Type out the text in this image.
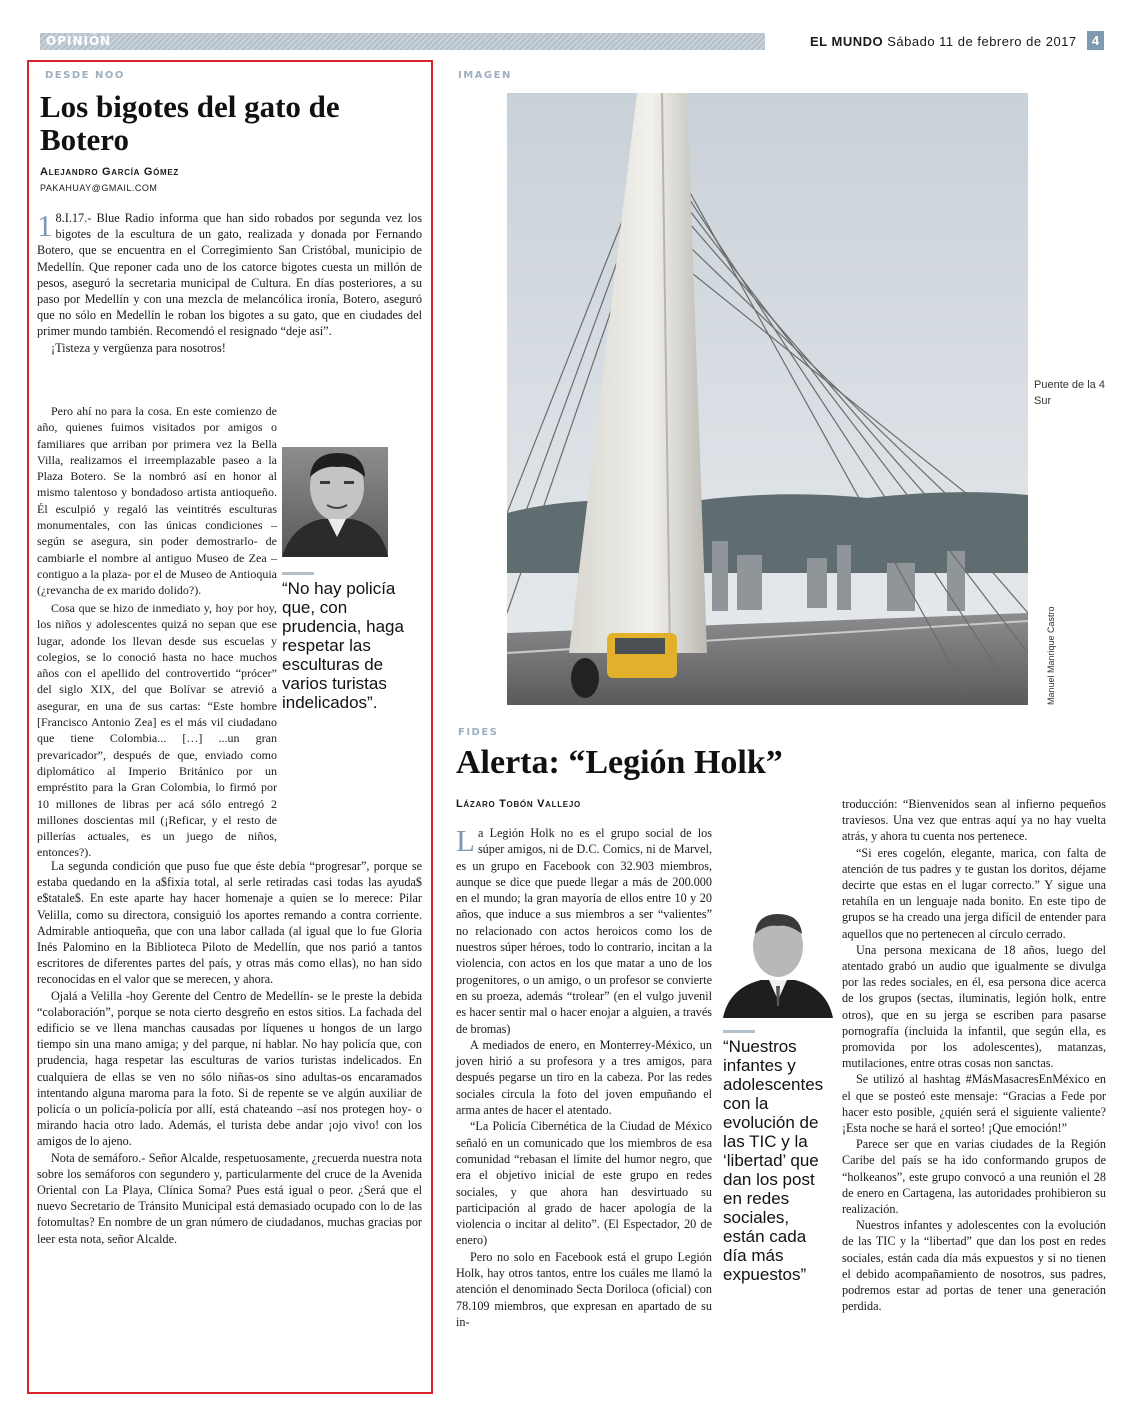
OPINIÓN	EL MUNDO Sábado 11 de febrero de 2017	4
DESDE NOO
Los bigotes del gato de Botero
Alejandro García Gómez
PAKAHUAY@GMAIL.COM

1 8.I.17.- Blue Radio informa que han sido robados por segunda vez los bigotes de la escultura de un gato, realizada y donada por Fernando Botero, que se encuentra en el Corregimiento San Cristóbal, municipio de Medellín. Que reponer cada uno de los catorce bigotes cuesta un millón de pesos, aseguró la secretaria municipal de Cultura. En días posteriores, a su paso por Medellín y con una mezcla de melancólica ironía, Botero, aseguró que no sólo en Medellín le roban los bigotes a su gato, que en ciudades del primer mundo también. Recomendó el resignado “deje así”.

¡Tisteza y vergüenza para nosotros!

Pero ahí no para la cosa. En este comienzo de año, quienes fuimos visitados por amigos o familiares que arriban por primera vez la Bella Villa, realizamos el irreemplazable paseo a la Plaza Botero. Se la nombró así en honor al mismo talentoso y bondadoso artista antioqueño. Él esculpió y regaló las veintitrés esculturas monumentales, con las únicas condiciones –según se asegura, sin poder demostrarlo- de cambiarle el nombre al antiguo Museo de Zea –contiguo a la plaza- por el de Museo de Antioquia (¿revancha de ex marido dolido?).	“No hay policía que, con prudencia, haga respetar las esculturas de varios turistas indelicados”.

Cosa que se hizo de inmediato y, hoy por hoy, los niños y adolescentes quizá no sepan que ese lugar, adonde los llevan desde sus escuelas y colegios, se lo conoció hasta no hace muchos años con el apellido del controvertido “prócer” del siglo XIX, del que Bolívar se atrevió a asegurar, en una de sus cartas: “Este hombre [Francisco Antonio Zea] es el más vil ciudadano que tiene Colombia... […] ...un gran prevaricador”, después de que, enviado como diplomático al Imperio Británico por un empréstito para la Gran Colombia, lo firmó por 10 millones de libras per acá sólo entregó 2 millones doscientas mil (¡Reficar, y el resto de pillerías actuales, es un juego de niños, entonces?).

La segunda condición que puso fue que éste debía “progresar”, porque se estaba quedando en la a$fixia total, al serle retiradas casi todas las ayuda$ e$tatale$. En este aparte hay hacer homenaje a quien se lo merece: Pilar Velilla, como su directora, consiguió los aportes remando a contra corriente. Admirable antioqueña, que con una labor callada (al igual que lo fue Gloria Inés Palomino en la Biblioteca Piloto de Medellín, que nos parió a tantos escritores de diferentes partes del país, y otras más como ellas), no han sido reconocidas en el valor que se merecen, y ahora.

Ojalá a Velilla -hoy Gerente del Centro de Medellín- se le preste la debida “colaboración”, porque se nota cierto desgreño en estos sitios. La fachada del edificio se ve llena manchas causadas por líquenes u hongos de un largo tiempo sin una mano amiga; y del parque, ni hablar. No hay policía que, con prudencia, haga respetar las esculturas de varios turistas indelicados. En cualquiera de ellas se ven no sólo niñas-os sino adultas-os encaramados intentando alguna maroma para la foto. Si de repente se ve algún auxiliar de policía o un policía-policía por allí, está chateando –así nos protegen hoy- o mirando hacia otro lado. Además, el turista debe andar ¡ojo vivo! con los amigos de lo ajeno.

Nota de semáforo.- Señor Alcalde, respetuosamente, ¿recuerda nuestra nota sobre los semáforos con segundero y, particularmente del cruce de la Avenida Oriental con La Playa, Clínica Soma? Pues está igual o peor. ¿Será que el nuevo Secretario de Tránsito Municipal está demasiado ocupado con lo de las fotomultas? En nombre de un gran número de ciudadanos, muchas gracias por leer esta nota, señor Alcalde.

IMAGEN
Puente de la 4 Sur
Manuel Manrique Castro
FIDES
Alerta: “Legión Holk”
Lázaro Tobón Vallejo

La Legión Holk no es el grupo social de los súper amigos, ni de D.C. Comics, ni de Marvel, es un grupo en Facebook con 32.903 miembros, aunque se dice que puede llegar a más de 200.000 en el mundo; la gran mayoría de ellos entre 10 y 20 años, que induce a sus miembros a ser “valientes” no relacionado con actos heroicos como los de nuestros súper héroes, todo lo contrario, incitan a la violencia, con actos en los que matar a uno de los progenitores, o un amigo, o un profesor se convierte en su proeza, además “trolear” (en el vulgo juvenil es hacer sentir mal o hacer enojar a alguien, a través de bromas)

A mediados de enero, en Monterrey-México, un joven hirió a su profesora y a tres amigos, para después pegarse un tiro en la cabeza. Por las redes sociales circula la foto del joven empuñando el arma antes de hacer el atentado.

“La Policía Cibernética de la Ciudad de México señaló en un comunicado que los miembros de esa comunidad “rebasan el límite del humor negro, que era el objetivo inicial de este grupo en redes sociales, y que ahora han desvirtuado su participación al grado de hacer apología de la violencia o incitar al delito”. (El Espectador, 20 de enero)

Pero no solo en Facebook está el grupo Legión Holk, hay otros tantos, entre los cuáles me llamó la atención el denominado Secta Doriloca (oficial) con 78.109 miembros, que expresan en apartado de su in-

“Nuestros infantes y adolescentes con la evolución de las TIC y la ‘libertad’ que dan los post en redes sociales, están cada día más expuestos”

troducción: “Bienvenidos sean al infierno pequeños traviesos. Una vez que entras aquí ya no hay vuelta atrás, y ahora tu cuenta nos pertenece.

“Si eres cogelón, elegante, marica, con falta de atención de tus padres y te gustan los doritos, déjame decirte que estas en el lugar correcto.” Y sigue una retahíla en un lenguaje nada bonito. En este tipo de grupos se ha creado una jerga difícil de entender para aquellos que no pertenecen al círculo cerrado.

Una persona mexicana de 18 años, luego del atentado grabó un audio que igualmente se divulga por las redes sociales, en él, esa persona dice acerca de los grupos (sectas, iluminatis, legión holk, entre otros), que en su jerga se escriben para pasarse pornografía (incluida la infantil, que según ella, es promovida por los adolescentes), matanzas, mutilaciones, entre otras cosas non sanctas.

Se utilizó al hashtag #MásMasacresEnMéxico en el que se posteó este mensaje: “Gracias a Fede por hacer esto posible, ¿quién será el siguiente valiente? ¡Esta noche se hará el sorteo! ¡Que emoción!”

Parece ser que en varias ciudades de la Región Caribe del país se ha ido conformando grupos de “holkeanos”, este grupo convocó a una reunión el 28 de enero en Cartagena, las autoridades prohibieron su realización.

Nuestros infantes y adolescentes con la evolución de las TIC y la “libertad” que dan los post en redes sociales, están cada día más expuestos y si no tienen el debido acompañamiento de nosotros, sus padres, podremos estar ad portas de tener una generación perdida.
